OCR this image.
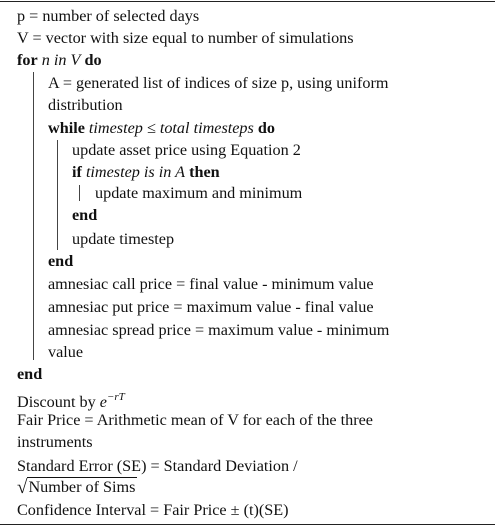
p = number of selected days
V = vector with size equal to number of simulations
for n in V do
A = generated list of indices of size p, using uniform
distribution
while timestep ≤ total timesteps do
update asset price using Equation 2
if timestep is in A then
update maximum and minimum
end
update timestep
end
amnesiac call price = final value - minimum value
amnesiac put price = maximum value - final value
amnesiac spread price = maximum value - minimum
value
end
Discount by $e^{-rT}$
Fair Price = Arithmetic mean of V for each of the three
instruments
Standard Error (SE) = Standard Deviation /
√Number of Sims
Confidence Interval = Fair Price ± (t)(SE)
